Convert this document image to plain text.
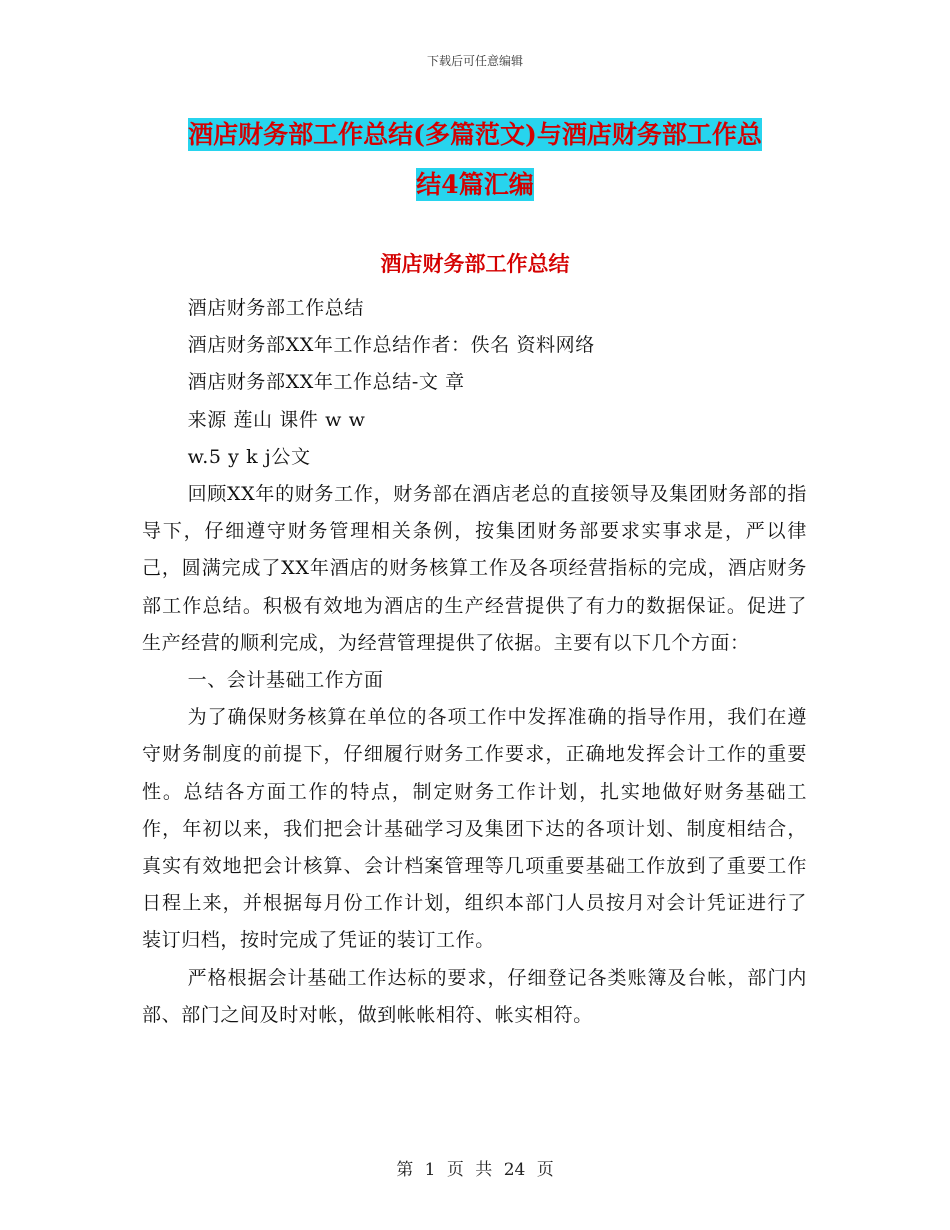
下载后可任意编辑
酒店财务部工作总结(多篇范文)与酒店财务部工作总
结4篇汇编
酒店财务部工作总结

酒店财务部工作总结

酒店财务部XX年工作总结作者：佚名 资料网络

酒店财务部XX年工作总结-文 章

来源 莲山 课件 w w

w.5 y k j公文

回顾XX年的财务工作，财务部在酒店老总的直接领导及集团财务部的指导下，仔细遵守财务管理相关条例，按集团财务部要求实事求是，严以律己，圆满完成了XX年酒店的财务核算工作及各项经营指标的完成，酒店财务部工作总结。积极有效地为酒店的生产经营提供了有力的数据保证。促进了生产经营的顺利完成，为经营管理提供了依据。主要有以下几个方面：

一、会计基础工作方面

为了确保财务核算在单位的各项工作中发挥准确的指导作用，我们在遵守财务制度的前提下，仔细履行财务工作要求，正确地发挥会计工作的重要性。总结各方面工作的特点，制定财务工作计划，扎实地做好财务基础工作，年初以来，我们把会计基础学习及集团下达的各项计划、制度相结合，真实有效地把会计核算、会计档案管理等几项重要基础工作放到了重要工作日程上来，并根据每月份工作计划，组织本部门人员按月对会计凭证进行了装订归档，按时完成了凭证的装订工作。

严格根据会计基础工作达标的要求，仔细登记各类账簿及台帐，部门内部、部门之间及时对帐，做到帐帐相符、帐实相符。

第 1 页 共 24 页
